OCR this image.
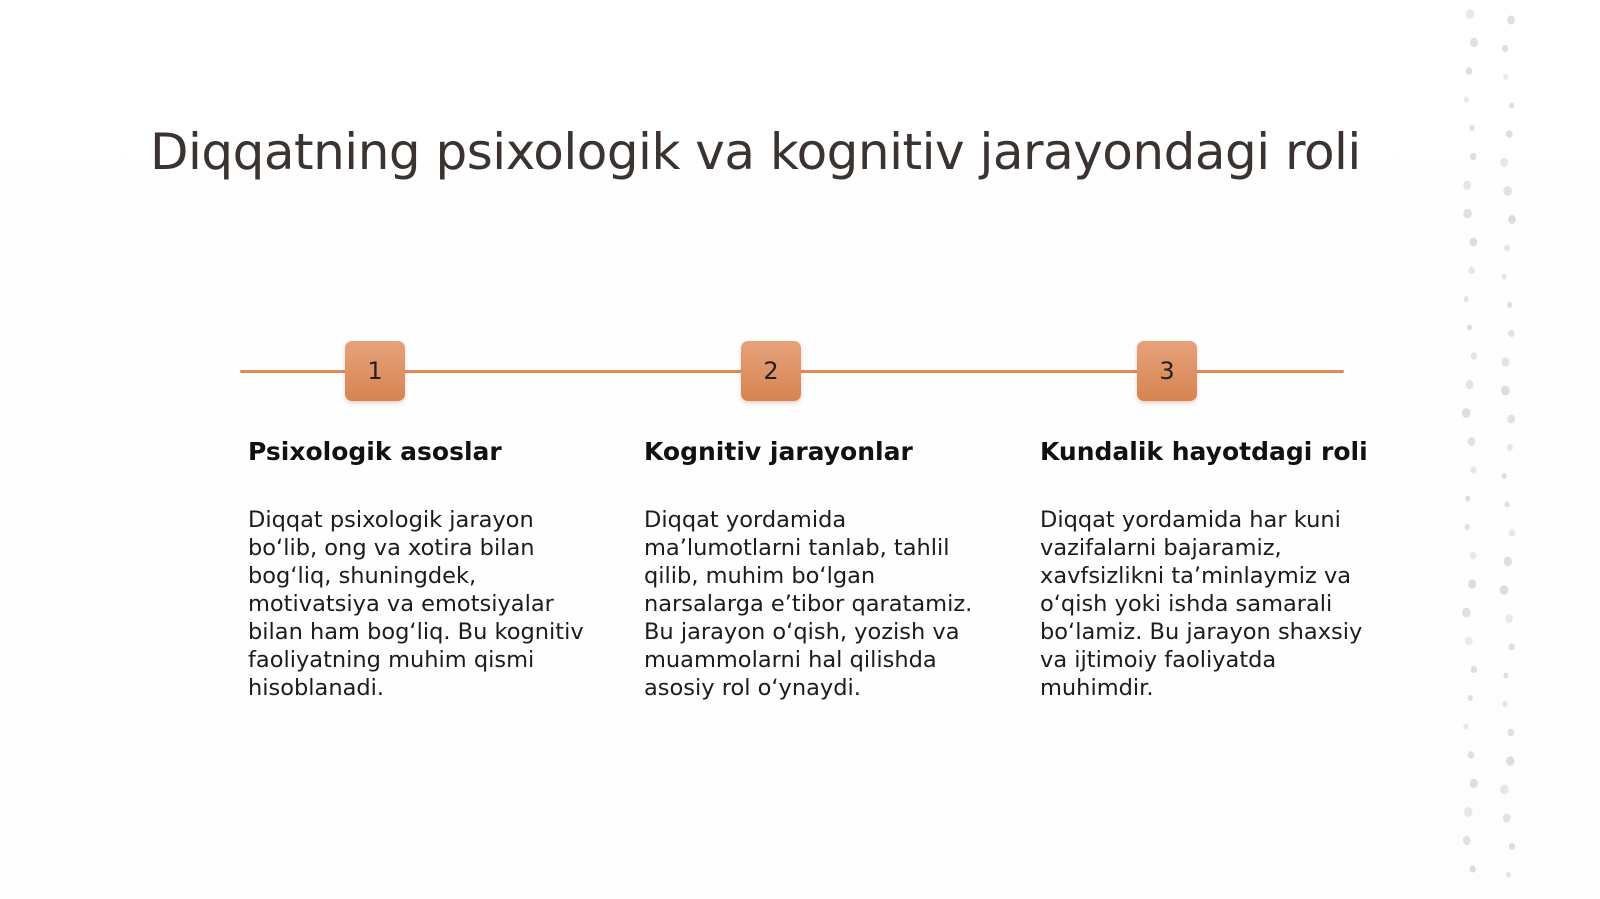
Diqqatning psixologik va kognitiv jarayondagi roli
1	2	3
Psixologik asoslar

Diqqat psixologik jarayon bo‘lib, ong va xotira bilan bog‘liq, shuningdek, motivatsiya va emotsiyalar bilan ham bog‘liq. Bu kognitiv faoliyatning muhim qismi hisoblanadi.

Kognitiv jarayonlar

Diqqat yordamida ma’lumotlarni tanlab, tahlil qilib, muhim bo‘lgan narsalarga e’tibor qaratamiz. Bu jarayon o‘qish, yozish va muammolarni hal qilishda asosiy rol o‘ynaydi.

Kundalik hayotdagi roli

Diqqat yordamida har kuni vazifalarni bajaramiz, xavfsizlikni ta’minlaymiz va o‘qish yoki ishda samarali bo‘lamiz. Bu jarayon shaxsiy va ijtimoiy faoliyatda muhimdir.
